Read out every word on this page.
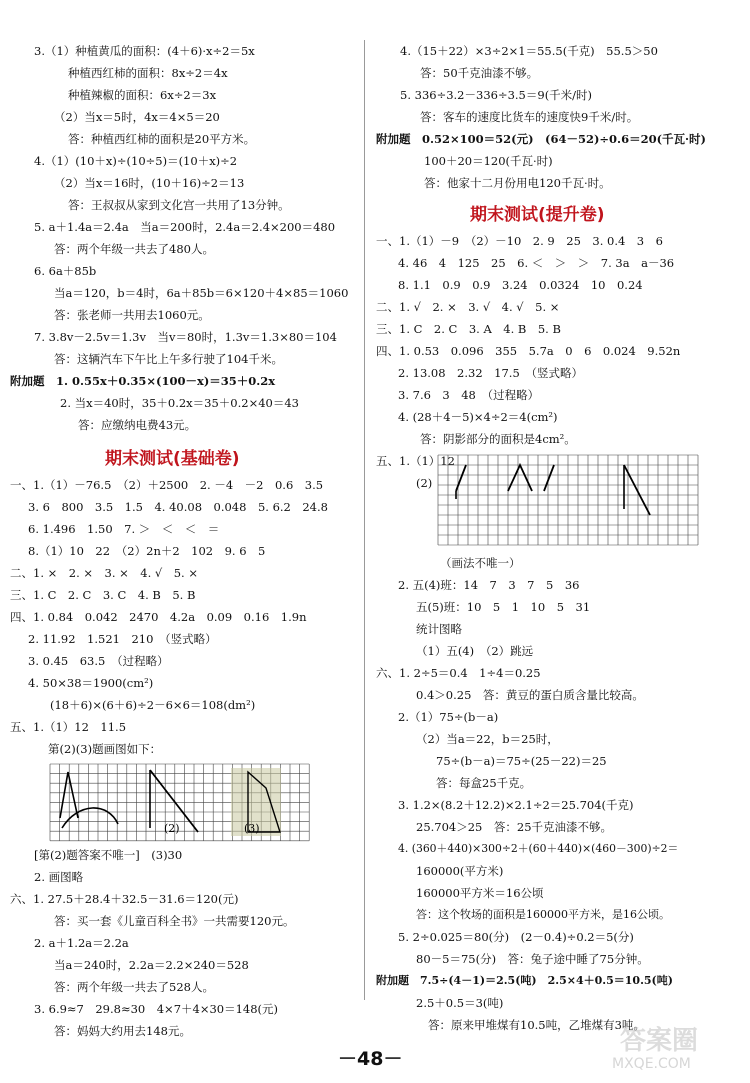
3.（1）种植黄瓜的面积：(4＋6)·x÷2＝5x
种植西红柿的面积：8x÷2＝4x
种植辣椒的面积：6x÷2＝3x
（2）当x＝5时，4x＝4×5＝20
答：种植西红柿的面积是20平方米。
4.（1）(10＋x)÷(10÷5)＝(10＋x)÷2
（2）当x＝16时，(10＋16)÷2＝13
答：王叔叔从家到文化宫一共用了13分钟。
5. a＋1.4a＝2.4a　当a＝200时，2.4a＝2.4×200＝480
答：两个年级一共去了480人。
6. 6a＋85b
当a＝120，b＝4时，6a＋85b＝6×120＋4×85＝1060
答：张老师一共用去1060元。
7. 3.8v－2.5v＝1.3v　当v＝80时，1.3v＝1.3×80＝104
答：这辆汽车下午比上午多行驶了104千米。
附加题　1. 0.55x＋0.35×(100－x)＝35＋0.2x
2. 当x＝40时，35＋0.2x＝35＋0.2×40＝43
答：应缴纳电费43元。
期末测试(基础卷)
一、1.（1）－76.5　（2）＋2500　2. －4　－2　0.6　3.5
3. 6　800　3.5　1.5　4. 40.08　0.048　5. 6.2　24.8
6. 1.496　1.50　7. ＞　＜　＜　＝
8.（1）10　22　（2）2n＋2　102　9. 6　5
二、1. ×　2. ×　3. ×　4. √　5. ×
三、1. C　2. C　3. C　4. B　5. B
四、1. 0.84　0.042　2470　4.2a　0.09　0.16　1.9n
2. 11.92　1.521　210　（竖式略）
3. 0.45　63.5　（过程略）
4. 50×38＝1900(cm²)
(18＋6)×(6＋6)÷2－6×6＝108(dm²)
五、1.（1）12　11.5
第(2)(3)题画图如下：
(2)	(3)
[第(2)题答案不唯一]　(3)30
2. 画图略
六、1. 27.5＋28.4＋32.5－31.6＝120(元)
答：买一套《儿童百科全书》一共需要120元。
2. a＋1.2a＝2.2a
当a＝240时，2.2a＝2.2×240＝528
答：两个年级一共去了528人。
3. 6.9≈7　29.8≈30　4×7＋4×30＝148(元)
答：妈妈大约用去148元。
4.（15＋22）×3÷2×1＝55.5(千克)　55.5＞50
答：50千克油漆不够。
5. 336÷3.2－336÷3.5＝9(千米/时)
答：客车的速度比货车的速度快9千米/时。
附加题　0.52×100＝52(元)　(64－52)÷0.6＝20(千瓦·时)
100＋20＝120(千瓦·时)
答：他家十二月份用电120千瓦·时。
期末测试(提升卷)
一、1.（1）－9　（2）－10　2. 9　25　3. 0.4　3　6
4. 46　4　125　25　6. ＜　＞　＞　7. 3a　a－36
8. 1.1　0.9　0.9　3.24　0.0324　10　0.24
二、1. √　2. ×　3. √　4. √　5. ×
三、1. C　2. C　3. A　4. B　5. B
四、1. 0.53　0.096　355　5.7a　0　6　0.024　9.52n
2. 13.08　2.32　17.5　（竖式略）
3. 7.6　3　48　（过程略）
4. (28＋4－5)×4÷2＝4(cm²)
答：阴影部分的面积是4cm²。
五、1.（1）12
(2)
（画法不唯一）
2. 五(4)班：14　7　3　7　5　36
五(5)班：10　5　1　10　5　31
统计图略
（1）五(4)　（2）跳远
六、1. 2÷5＝0.4　1÷4＝0.25
0.4＞0.25　答：黄豆的蛋白质含量比较高。
2.（1）75÷(b－a)
（2）当a＝22，b＝25时，
75÷(b－a)＝75÷(25－22)＝25
答：每盒25千克。
3. 1.2×(8.2＋12.2)×2.1÷2＝25.704(千克)
25.704＞25　答：25千克油漆不够。
4. (360＋440)×300÷2＋(60＋440)×(460－300)÷2＝
160000(平方米)
160000平方米＝16公顷
答：这个牧场的面积是160000平方米，是16公顷。
5. 2÷0.025＝80(分)　(2－0.4)÷0.2＝5(分)
80－5＝75(分)　答：兔子途中睡了75分钟。
附加题　7.5÷(4－1)＝2.5(吨)　2.5×4＋0.5＝10.5(吨)
2.5＋0.5＝3(吨)
答：原来甲堆煤有10.5吨，乙堆煤有3吨。
－48－
答案圈
MXQE.COM
